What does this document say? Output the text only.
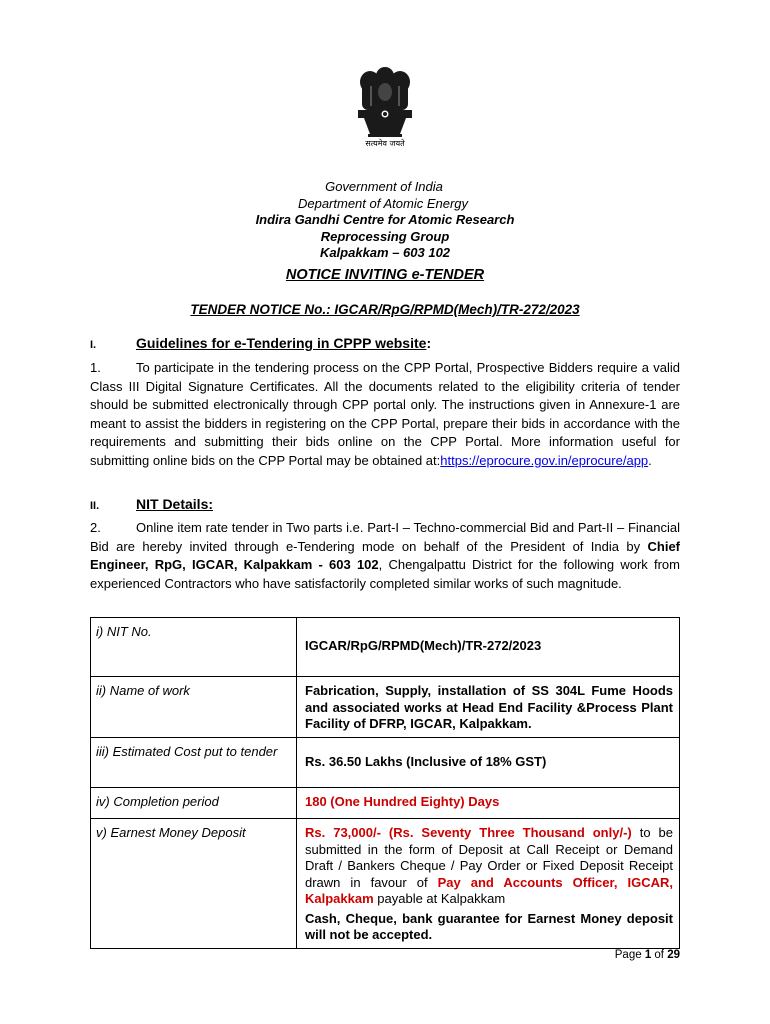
सत्यमेव जयते
Government of India
Department of Atomic Energy
Indira Gandhi Centre for Atomic Research
Reprocessing Group
Kalpakkam – 603 102
NOTICE INVITING e-TENDER
TENDER NOTICE No.: IGCAR/RpG/RPMD(Mech)/TR-272/2023
I.	Guidelines for e-Tendering in CPPP website:
1.	To participate in the tendering process on the CPP Portal, Prospective Bidders require a valid Class III Digital Signature Certificates. All the documents related to the eligibility criteria of tender should be submitted electronically through CPP portal only. The instructions given in Annexure-1 are meant to assist the bidders in registering on the CPP Portal, prepare their bids in accordance with the requirements and submitting their bids online on the CPP Portal. More information useful for submitting online bids on the CPP Portal may be obtained at:https://eprocure.gov.in/eprocure/app.
II.	NIT Details:
2.	Online item rate tender in Two parts i.e. Part-I – Techno-commercial Bid and Part-II – Financial Bid are hereby invited through e-Tendering mode on behalf of the President of India by Chief Engineer, RpG, IGCAR, Kalpakkam - 603 102, Chengalpattu District for the following work from experienced Contractors who have satisfactorily completed similar works of such magnitude.
i) NIT No.	IGCAR/RpG/RPMD(Mech)/TR-272/2023
ii) Name of work	Fabrication, Supply, installation of SS 304L Fume Hoods and associated works at Head End Facility &Process Plant Facility of DFRP, IGCAR, Kalpakkam.
iii) Estimated Cost put to tender	Rs. 36.50 Lakhs (Inclusive of 18% GST)
iv) Completion period	180 (One Hundred Eighty) Days
v) Earnest Money Deposit	Rs. 73,000/- (Rs. Seventy Three Thousand only/-) to be submitted in the form of Deposit at Call Receipt or Demand Draft / Bankers Cheque / Pay Order or Fixed Deposit Receipt drawn in favour of Pay and Accounts Officer, IGCAR, Kalpakkam payable at Kalpakkam
Cash, Cheque, bank guarantee for Earnest Money deposit will not be accepted.
Page 1 of 29
